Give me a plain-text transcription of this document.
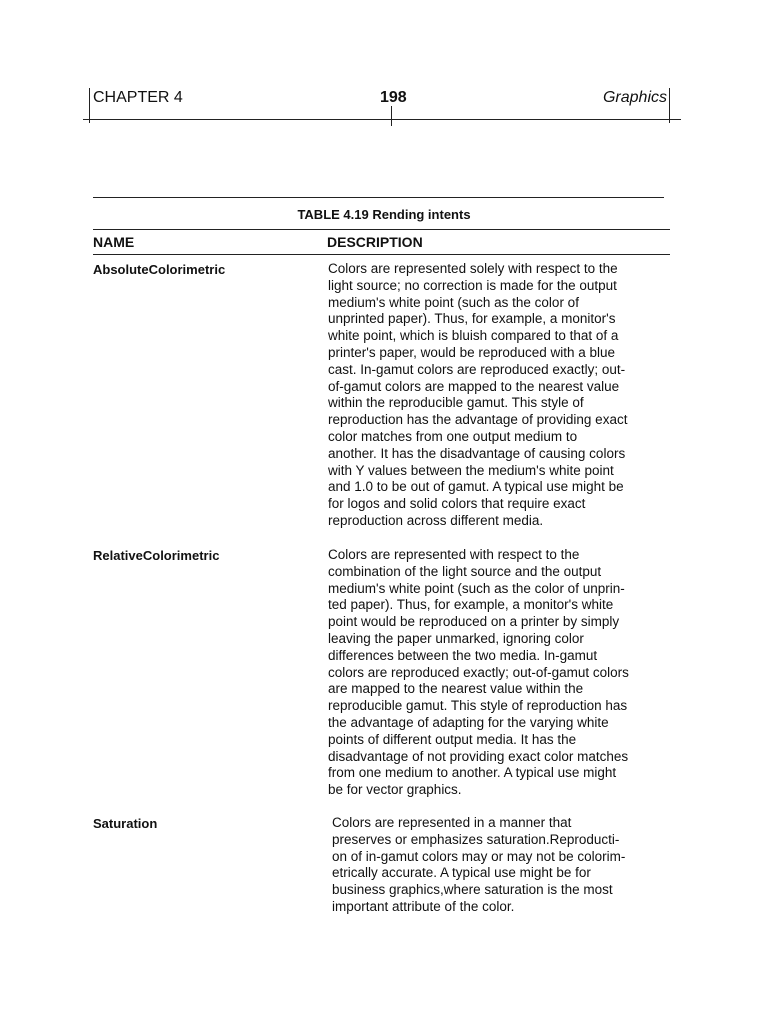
CHAPTER 4	198	Graphics
TABLE 4.19 Rending intents
NAME	DESCRIPTION
AbsoluteColorimetric	Colors are represented solely with respect to the
light source; no correction is made for the output
medium's white point (such as the color of
unprinted paper). Thus, for example, a monitor's
white point, which is bluish compared to that of a
printer's paper, would be reproduced with a blue
cast. In-gamut colors are reproduced exactly; out-
of-gamut colors are mapped to the nearest value
within the reproducible gamut. This style of
reproduction has the advantage of providing exact
color matches from one output medium to
another. It has the disadvantage of causing colors
with Y values between the medium's white point
and 1.0 to be out of gamut. A typical use might be
for logos and solid colors that require exact
reproduction across different media.
RelativeColorimetric	Colors are represented with respect to the
combination of the light source and the output
medium's white point (such as the color of unprin-
ted paper). Thus, for example, a monitor's white
point would be reproduced on a printer by simply
leaving the paper unmarked, ignoring color
differences between the two media. In-gamut
colors are reproduced exactly; out-of-gamut colors
are mapped to the nearest value within the
reproducible gamut. This style of reproduction has
the advantage of adapting for the varying white
points of different output media. It has the
disadvantage of not providing exact color matches
from one medium to another. A typical use might
be for vector graphics.
Saturation	Colors are represented in a manner that
preserves or emphasizes saturation.Reproducti-
on of in-gamut colors may or may not be colorim-
etrically accurate. A typical use might be for
business graphics,where saturation is the most
important attribute of the color.
